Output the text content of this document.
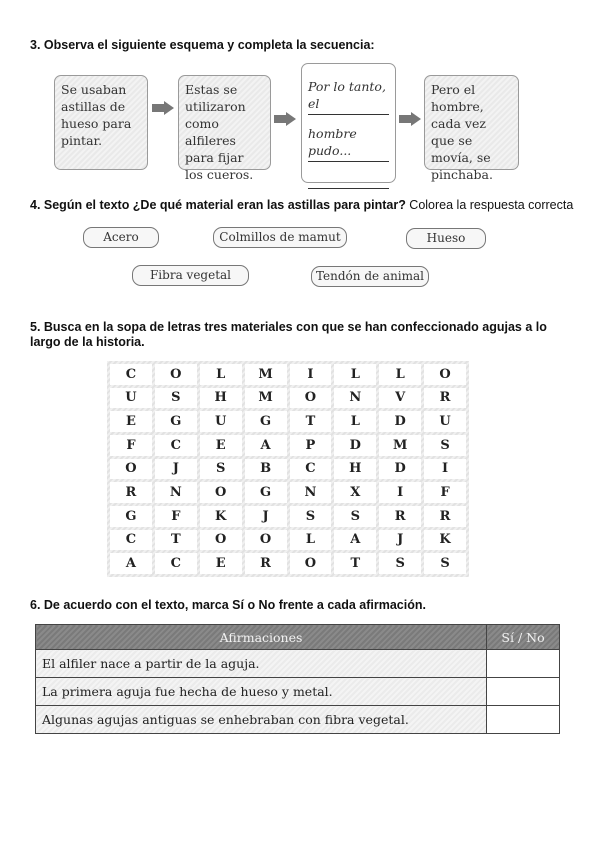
3. Observa el siguiente esquema y completa la secuencia:
Se usaban astillas de hueso para pintar.
Estas se utilizaron como alfileres para fijar los cueros.
Por lo tanto, el
hombre pudo...
Pero el hombre, cada vez que se movía, se pinchaba.
4. Según el texto ¿De qué material eran las astillas para pintar? Colorea la respuesta correcta
Acero	Colmillos de mamut	Hueso
Fibra vegetal	Tendón de animal
5. Busca en la sopa de letras tres materiales con que se han confeccionado agujas a lo largo de la historia.
C	O	L	M	I	L	L	O
U	S	H	M	O	N	V	R
E	G	U	G	T	L	D	U
F	C	E	A	P	D	M	S
O	J	S	B	C	H	D	I
R	N	O	G	N	X	I	F
G	F	K	J	S	S	R	R
C	T	O	O	L	A	J	K
A	C	E	R	O	T	S	S
6. De acuerdo con el texto, marca Sí o No frente a cada afirmación.
Afirmaciones	Sí / No
El alfiler nace a partir de la aguja.	
La primera aguja fue hecha de hueso y metal.	
Algunas agujas antiguas se enhebraban con fibra vegetal.	
